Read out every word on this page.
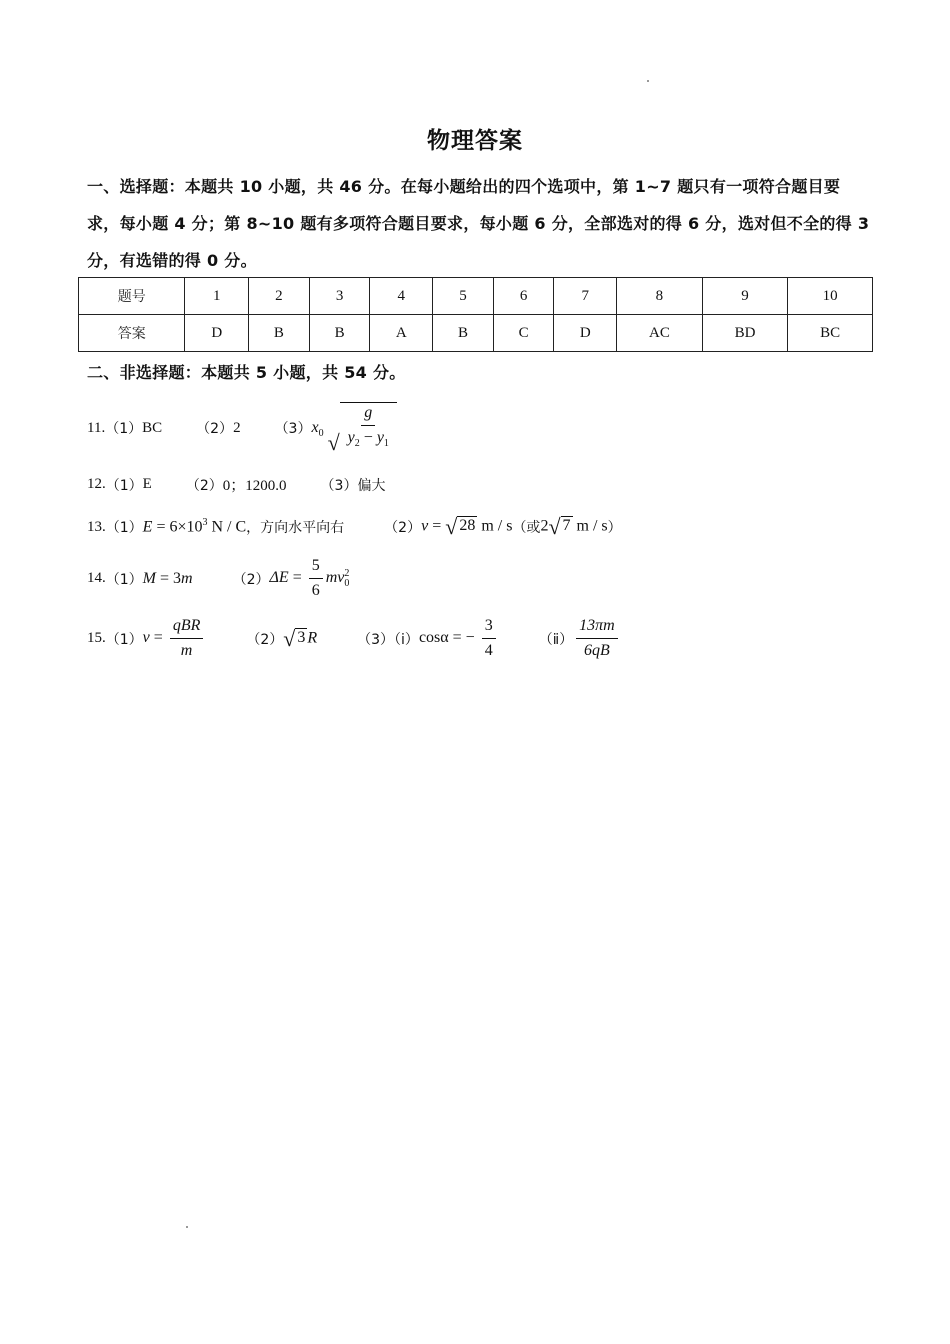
物理答案
一、选择题：本题共 10 小题，共 46 分。在每小题给出的四个选项中，第 1~7 题只有一项符合题目要求，每小题 4 分；第 8~10 题有多项符合题目要求，每小题 6 分，全部选对的得 6 分，选对但不全的得 3 分，有选错的得 0 分。
题号	1	2	3	4	5	6	7	8	9	10
答案	D	B	B	A	B	C	D	AC	BD	BC
二、非选择题：本题共 5 小题，共 54 分。
11. （1） BC （2） 2 （3） $x_0$ √ $\frac{g}{y_2 - y_1}$
12. （1） E （2） 0；1200.0 （3） 偏大
13. （1） $E = 6\times 10^3$ N / C ，方向水平向右	（2） v = √ 28 m / s （或 2 √ 7 m / s ）
14. （1） M = 3m	（2） $\Delta E = \frac{5}{6}$ mv 2
0
15. （1） $v = \frac{\text{qBR}}{m}$	（2） √ 3 R	（3）（ⅰ） cosα = − $\frac{3}{4}$	（ⅱ） $\frac{13\pi m}{6qB}$
